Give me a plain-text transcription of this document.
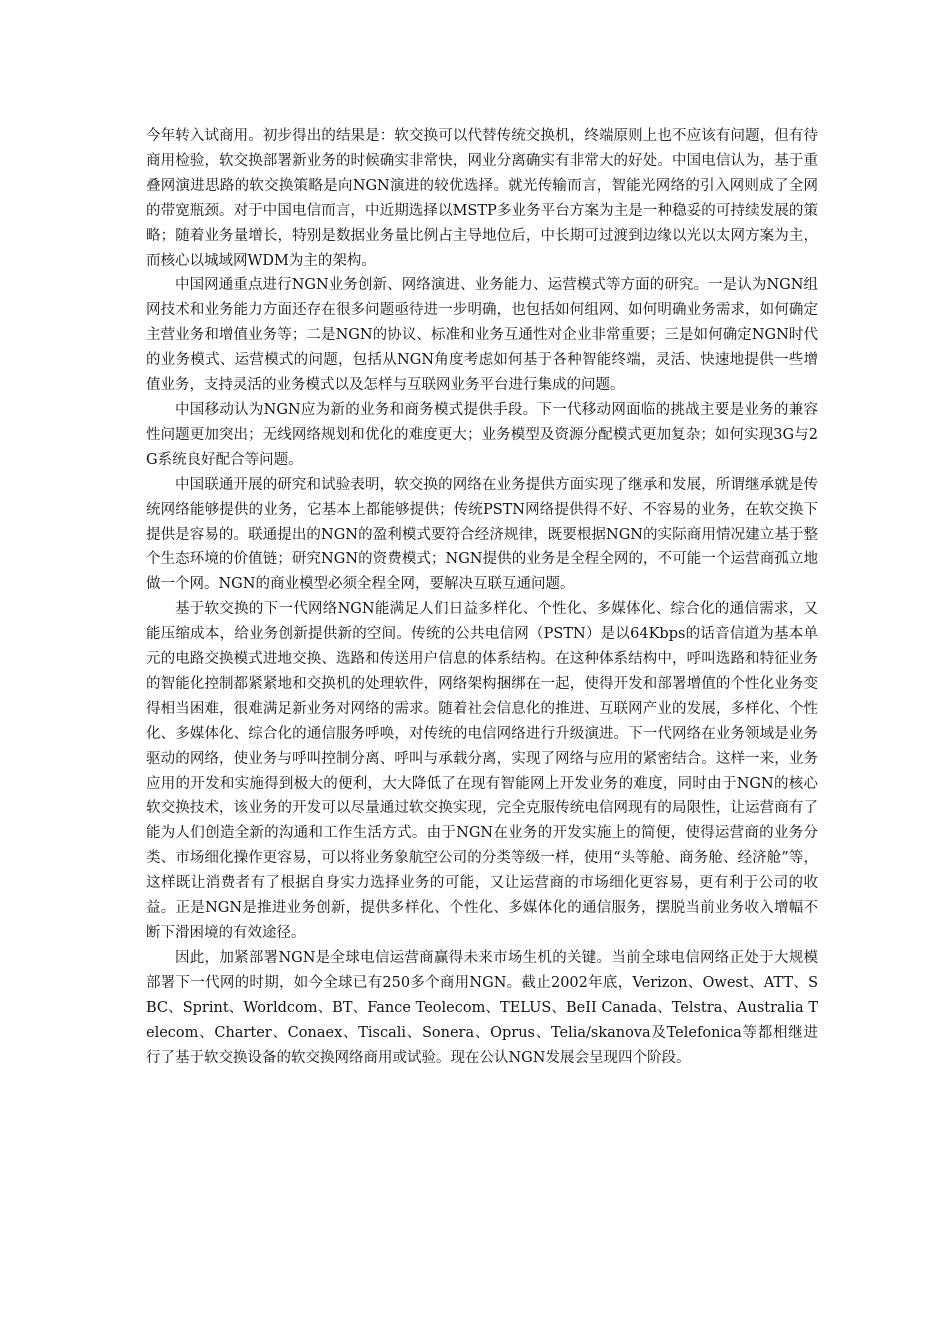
今年转入试商用。初步得出的结果是：软交换可以代替传统交换机，终端原则上也不应该有问题，但有待商用检验，软交换部署新业务的时候确实非常快，网业分离确实有非常大的好处。中国电信认为，基于重叠网演进思路的软交换策略是向NGN演进的较优选择。就光传输而言，智能光网络的引入网则成了全网的带宽瓶颈。对于中国电信而言，中近期选择以MSTP多业务平台方案为主是一种稳妥的可持续发展的策略；随着业务量增长，特别是数据业务量比例占主导地位后，中长期可过渡到边缘以光以太网方案为主，而核心以城域网WDM为主的架构。

中国网通重点进行NGN业务创新、网络演进、业务能力、运营模式等方面的研究。一是认为NGN组网技术和业务能力方面还存在很多问题亟待进一步明确，也包括如何组网、如何明确业务需求，如何确定主营业务和增值业务等；二是NGN的协议、标准和业务互通性对企业非常重要；三是如何确定NGN时代的业务模式、运营模式的问题，包括从NGN角度考虑如何基于各种智能终端，灵活、快速地提供一些增值业务，支持灵活的业务模式以及怎样与互联网业务平台进行集成的问题。

中国移动认为NGN应为新的业务和商务模式提供手段。下一代移动网面临的挑战主要是业务的兼容性问题更加突出；无线网络规划和优化的难度更大；业务模型及资源分配模式更加复杂；如何实现3G与2G系统良好配合等问题。

中国联通开展的研究和试验表明，软交换的网络在业务提供方面实现了继承和发展，所谓继承就是传统网络能够提供的业务，它基本上都能够提供；传统PSTN网络提供得不好、不容易的业务，在软交换下提供是容易的。联通提出的NGN的盈利模式要符合经济规律，既要根据NGN的实际商用情况建立基于整个生态环境的价值链；研究NGN的资费模式；NGN提供的业务是全程全网的，不可能一个运营商孤立地做一个网。NGN的商业模型必须全程全网，要解决互联互通问题。

基于软交换的下一代网络NGN能满足人们日益多样化、个性化、多媒体化、综合化的通信需求，又能压缩成本，给业务创新提供新的空间。传统的公共电信网（PSTN）是以64Kbps的话音信道为基本单元的电路交换模式进地交换、选路和传送用户信息的体系结构。在这种体系结构中，呼叫选路和特征业务的智能化控制都紧紧地和交换机的处理软件，网络架构捆绑在一起，使得开发和部署增值的个性化业务变得相当困难，很难满足新业务对网络的需求。随着社会信息化的推进、互联网产业的发展，多样化、个性化、多媒体化、综合化的通信服务呼唤，对传统的电信网络进行升级演进。下一代网络在业务领域是业务驱动的网络，使业务与呼叫控制分离、呼叫与承载分离，实现了网络与应用的紧密结合。这样一来，业务应用的开发和实施得到极大的便利，大大降低了在现有智能网上开发业务的难度，同时由于NGN的核心软交换技术，该业务的开发可以尽量通过软交换实现，完全克服传统电信网现有的局限性，让运营商有了能为人们创造全新的沟通和工作生活方式。由于NGN在业务的开发实施上的简便，使得运营商的业务分类、市场细化操作更容易，可以将业务象航空公司的分类等级一样，使用“头等舱、商务舱、经济舱”等，这样既让消费者有了根据自身实力选择业务的可能，又让运营商的市场细化更容易，更有利于公司的收益。正是NGN是推进业务创新，提供多样化、个性化、多媒体化的通信服务，摆脱当前业务收入增幅不断下滑困境的有效途径。

因此，加紧部署NGN是全球电信运营商赢得未来市场生机的关键。当前全球电信网络正处于大规模部署下一代网的时期，如今全球已有250多个商用NGN。截止2002年底，Verizon、Owest、ATT、SBC、Sprint、Worldcom、BT、Fance Teolecom、TELUS、BeII Canada、Telstra、Australia Telecom、Charter、Conaex、Tiscali、Sonera、Oprus、Telia/skanova及Telefonica等都相继进行了基于软交换设备的软交换网络商用或试验。现在公认NGN发展会呈现四个阶段。
